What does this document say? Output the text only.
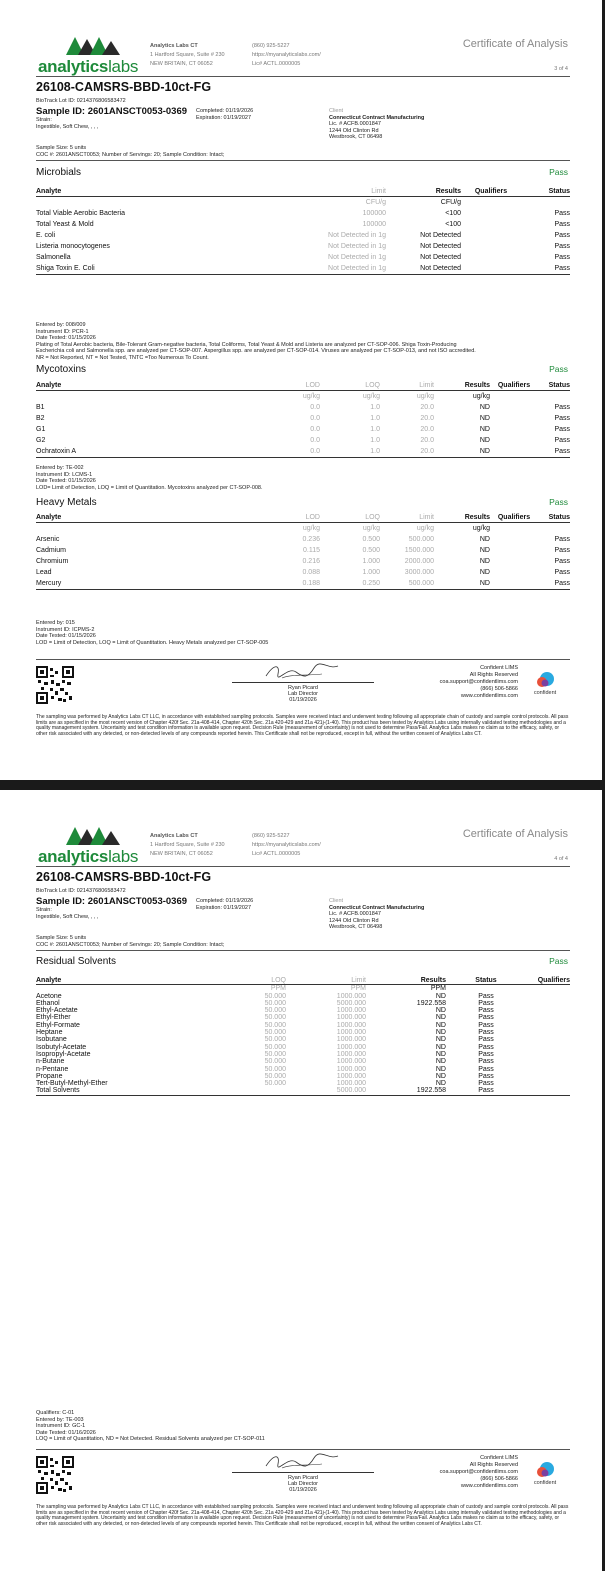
analyticslabs
Analytics Labs CT
1 Hartford Square, Suite # 230
NEW BRITAIN, CT 06052
(860) 925-5227
https://myanalyticslabs.com/
Lic# ACTL.0000005
Certificate of Analysis
3 of 4
26108-CAMSRS-BBD-10ct-FG
BioTrack Lot ID: 0214376806583472
Sample ID: 2601ANSCT0053-0369
Strain:
Ingestible, Soft Chew, , , ,
Completed: 01/19/2026
Expiration: 01/19/2027
Client
Connecticut Contract Manufacturing
Lic. # ACFB.0001847
1244 Old Clinton Rd
Westbrook, CT 06498
Sample Size: 5 units
COC #: 2601ANSCT0053; Number of Servings: 20; Sample Condition: Intact;
Microbials	Pass
Analyte	Limit	Results	Qualifiers	Status
	CFU/g	CFU/g		
Total Viable Aerobic Bacteria	100000	<100		Pass
Total Yeast & Mold	100000	<100		Pass
E. coli	Not Detected in 1g	Not Detected		Pass
Listeria monocytogenes	Not Detected in 1g	Not Detected		Pass
Salmonella	Not Detected in 1g	Not Detected		Pass
Shiga Toxin E. Coli	Not Detected in 1g	Not Detected		Pass
Entered by: 008/009
Instrument ID: PCR-1
Date Tested: 01/15/2026
Plating of Total Aerobic bacteria, Bile-Tolerant Gram-negative bacteria, Total Coliforms, Total Yeast & Mold and Listeria are analyzed per CT-SOP-006. Shiga Toxin-Producing
Escherichia coli and Salmonella spp. are analyzed per CT-SOP-007. Aspergillus spp. are analyzed per CT-SOP-014. Viruses are analyzed per CT-SOP-013, and not ISO accredited.
NR = Not Reported, NT = Not Tested, TNTC =Too Numerous To Count.
Mycotoxins	Pass
Analyte	LOD	LOQ	Limit	Results	Qualifiers	Status
	ug/kg	ug/kg	ug/kg	ug/kg		
B1	0.0	1.0	20.0	ND		Pass
B2	0.0	1.0	20.0	ND		Pass
G1	0.0	1.0	20.0	ND		Pass
G2	0.0	1.0	20.0	ND		Pass
Ochratoxin A	0.0	1.0	20.0	ND		Pass
Entered by: TE-002
Instrument ID: LCMS-1
Date Tested: 01/15/2026
LOD= Limit of Detection, LOQ = Limit of Quantitation. Mycotoxins analyzed per CT-SOP-008.
Heavy Metals	Pass
Analyte	LOD	LOQ	Limit	Results	Qualifiers	Status
	ug/kg	ug/kg	ug/kg	ug/kg		
Arsenic	0.236	0.500	500.000	ND		Pass
Cadmium	0.115	0.500	1500.000	ND		Pass
Chromium	0.216	1.000	2000.000	ND		Pass
Lead	0.088	1.000	3000.000	ND		Pass
Mercury	0.188	0.250	500.000	ND		Pass
Entered by: 015
Instrument ID: ICPMS-2
Date Tested: 01/15/2026
LOD = Limit of Detection, LOQ = Limit of Quantitation. Heavy Metals analyzed per CT-SOP-005
Ryan Picard
Lab Director
01/19/2026
Confident LIMS
All Rights Reserved
coa.support@confidentlims.com
(866) 506-5866
www.confidentlims.com	confident
The sampling was performed by Analytics Labs CT LLC, in accordance with established sampling protocols. Samples were received intact and underwent testing following all appropriate chain of custody and sample control protocols. All pass limits are as specified in the most recent version of Chapter 420f Sec. 21a-408-414, Chapter 420h Sec. 21a 420-429 and 21a 421j-(1-40). This product has been tested by Analytics Labs using internally validated testing methodologies and a quality management system. Uncertainty and test condition information is available upon request. Decision Rule (measurement of uncertainty) is not used to determine Pass/Fail. Analytics Labs makes no claim as to the efficacy, safety, or other risk associated with any detected, or non-detected levels of any compounds reported herein. This Certificate shall not be reproduced, except in full, without the written consent of Analytics Labs CT.
analyticslabs
Analytics Labs CT
1 Hartford Square, Suite # 230
NEW BRITAIN, CT 06052
(860) 925-5227
https://myanalyticslabs.com/
Lic# ACTL.0000005
Certificate of Analysis
4 of 4
26108-CAMSRS-BBD-10ct-FG
BioTrack Lot ID: 0214376806583472
Sample ID: 2601ANSCT0053-0369
Strain:
Ingestible, Soft Chew, , , ,
Completed: 01/19/2026
Expiration: 01/19/2027
Client
Connecticut Contract Manufacturing
Lic. # ACFB.0001847
1244 Old Clinton Rd
Westbrook, CT 06498
Sample Size: 5 units
COC #: 2601ANSCT0053; Number of Servings: 20; Sample Condition: Intact;
Residual Solvents	Pass
Analyte	LOQ	Limit	Results	Status	Qualifiers
	PPM	PPM	PPM		
Acetone	50.000	1000.000	ND	Pass	
Ethanol	50.000	5000.000	1922.558	Pass	
Ethyl-Acetate	50.000	1000.000	ND	Pass	
Ethyl-Ether	50.000	1000.000	ND	Pass	
Ethyl-Formate	50.000	1000.000	ND	Pass	
Heptane	50.000	1000.000	ND	Pass	
Isobutane	50.000	1000.000	ND	Pass	
Isobutyl-Acetate	50.000	1000.000	ND	Pass	
Isopropyl-Acetate	50.000	1000.000	ND	Pass	
n-Butane	50.000	1000.000	ND	Pass	
n-Pentane	50.000	1000.000	ND	Pass	
Propane	50.000	1000.000	ND	Pass	
Tert-Butyl-Methyl-Ether	50.000	1000.000	ND	Pass	
Total Solvents		5000.000	1922.558	Pass	
Qualifiers: C-01
Entered by: TE-003
Instrument ID: GC-1
Date Tested: 01/16/2026
LOQ = Limit of Quantitation, ND = Not Detected. Residual Solvents analyzed per CT-SOP-011
Ryan Picard
Lab Director
01/19/2026
Confident LIMS
All Rights Reserved
coa.support@confidentlims.com
(866) 506-5866
www.confidentlims.com	confident
The sampling was performed by Analytics Labs CT LLC, in accordance with established sampling protocols. Samples were received intact and underwent testing following all appropriate chain of custody and sample control protocols. All pass limits are as specified in the most recent version of Chapter 420f Sec. 21a-408-414, Chapter 420h Sec. 21a 420-429 and 21a 421j-(1-40). This product has been tested by Analytics Labs using internally validated testing methodologies and a quality management system. Uncertainty and test condition information is available upon request. Decision Rule (measurement of uncertainty) is not used to determine Pass/Fail. Analytics Labs makes no claim as to the efficacy, safety, or other risk associated with any detected, or non-detected levels of any compounds reported herein. This Certificate shall not be reproduced, except in full, without the written consent of Analytics Labs CT.
